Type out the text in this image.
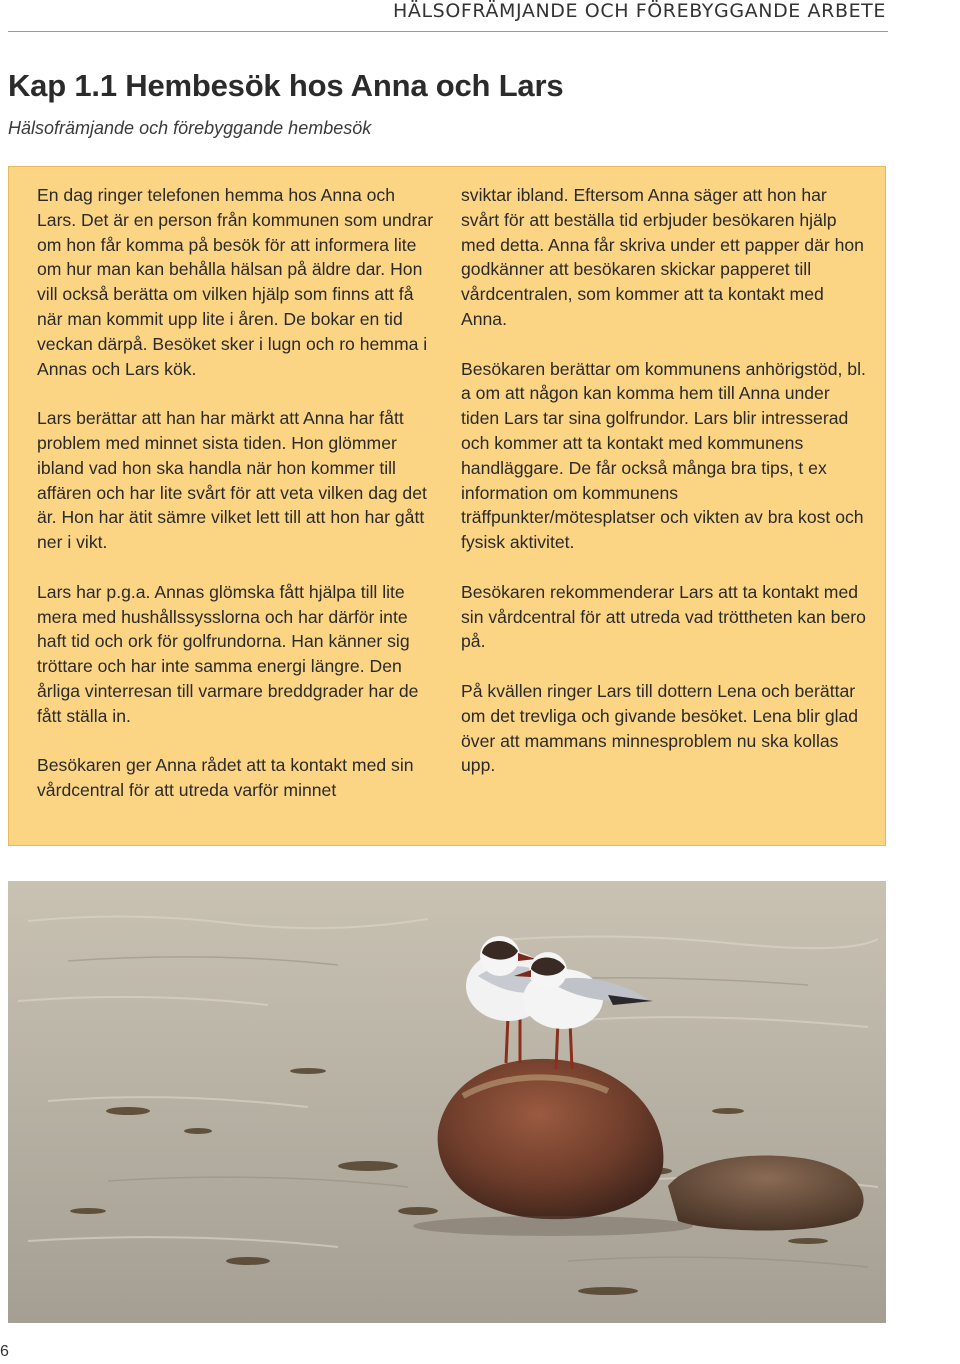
HÄLSOFRÄMJANDE OCH FÖREBYGGANDE ARBETE
Kap 1.1 Hembesök hos Anna och Lars

Hälsofrämjande och förebyggande hembesök

En dag ringer telefonen hemma hos Anna och Lars. Det är en person från kommunen som undrar om hon får komma på besök för att informera lite om hur man kan behålla hälsan på äldre dar. Hon vill också berätta om vilken hjälp som finns att få när man kommit upp lite i åren. De bokar en tid veckan därpå. Besöket sker i lugn och ro hemma i Annas och Lars kök.

Lars berättar att han har märkt att Anna har fått problem med minnet sista tiden. Hon glömmer ibland vad hon ska handla när hon kommer till affären och har lite svårt för att veta vilken dag det är. Hon har ätit sämre vilket lett till att hon har gått ner i vikt.

Lars har p.g.a. Annas glömska fått hjälpa till lite mera med hushållssysslorna och har därför inte haft tid och ork för golfrundorna. Han känner sig tröttare och har inte samma energi längre. Den årliga vinterresan till varmare breddgrader har de fått ställa in.

Besökaren ger Anna rådet att ta kontakt med sin vårdcentral för att utreda varför minnet

sviktar ibland. Eftersom Anna säger att hon har svårt för att beställa tid erbjuder besökaren hjälp med detta. Anna får skriva under ett papper där hon godkänner att besökaren skickar papperet till vårdcentralen, som kommer att ta kontakt med Anna.

Besökaren berättar om kommunens anhörigstöd, bl. a om att någon kan komma hem till Anna under tiden Lars tar sina golfrundor. Lars blir intresserad och kommer att ta kontakt med kommunens handläggare. De får också många bra tips, t ex information om kommunens träffpunkter/mötesplatser och vikten av bra kost och fysisk aktivitet.

Besökaren rekommenderar Lars att ta kontakt med sin vårdcentral för att utreda vad tröttheten kan bero på.

På kvällen ringer Lars till dottern Lena och berättar om det trevliga och givande besöket. Lena blir glad över att mammans minnesproblem nu ska kollas upp.

6
